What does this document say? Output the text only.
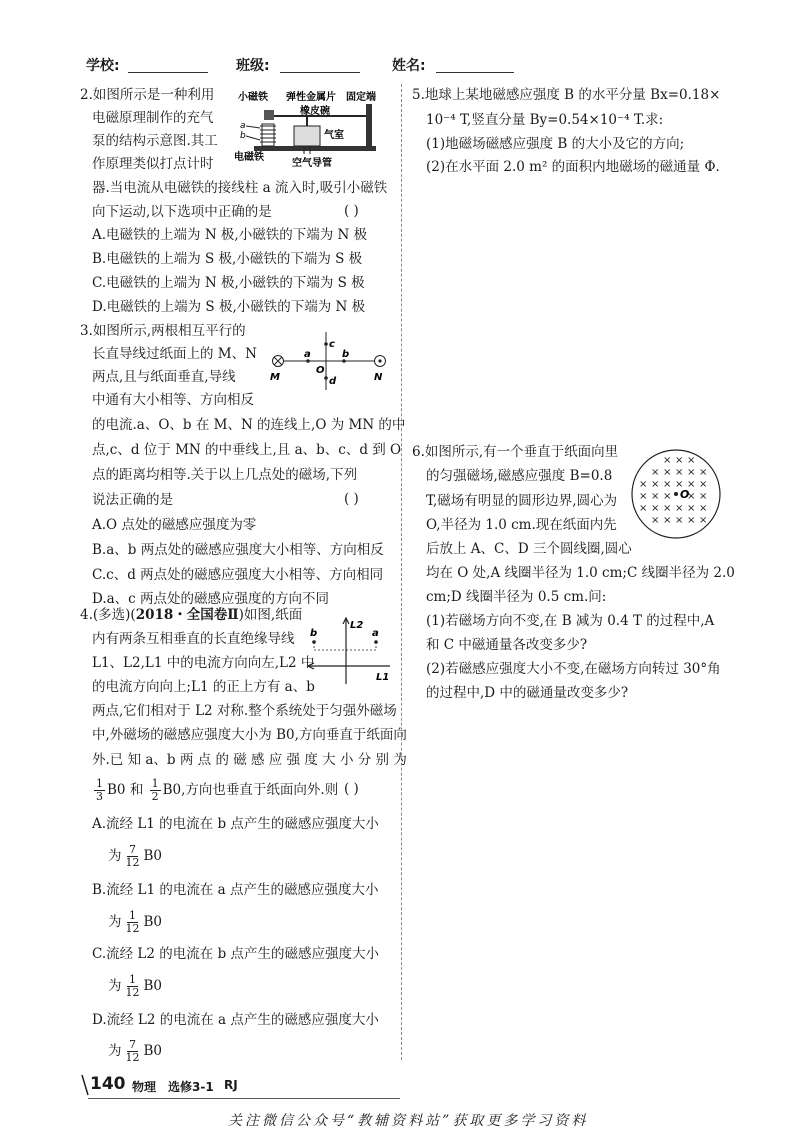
学校:	班级:	姓名:
2.如图所示是一种利用
电磁原理制作的充气
泵的结构示意图.其工
作原理类似打点计时
器.当电流从电磁铁的接线柱 a 流入时,吸引小磁铁
向下运动,以下选项中正确的是	( )
A.电磁铁的上端为 N 极,小磁铁的下端为 N 极
B.电磁铁的上端为 S 极,小磁铁的下端为 S 极
C.电磁铁的上端为 N 极,小磁铁的下端为 S 极
D.电磁铁的上端为 S 极,小磁铁的下端为 N 极
小磁铁 弹性金属片 固定端
橡皮碗
气室
电磁铁
空气导管
a
b
3.如图所示,两根相互平行的
长直导线过纸面上的 M、N
两点,且与纸面垂直,导线
中通有大小相等、方向相反
的电流.a、O、b 在 M、N 的连线上,O 为 MN 的中
点,c、d 位于 MN 的中垂线上,且 a、b、c、d 到 O
点的距离均相等.关于以上几点处的磁场,下列
说法正确的是	( )
A.O 点处的磁感应强度为零
B.a、b 两点处的磁感应强度大小相等、方向相反
C.c、d 两点处的磁感应强度大小相等、方向相同
D.a、c 两点处的磁感应强度的方向不同
M	N
a	b
c
d
O
4.(多选)(2018・全国卷Ⅱ)如图,纸面
内有两条互相垂直的长直绝缘导线
L1、L2,L1 中的电流方向向左,L2 中
的电流方向向上;L1 的正上方有 a、b
两点,它们相对于 L2 对称.整个系统处于匀强外磁场
中,外磁场的磁感应强度大小为 B0,方向垂直于纸面向
外.已 知 a、b 两 点 的 磁 感 应 强 度 大 小 分 别 为
$\frac{1}{3} B0$ 和 $\frac{1}{2} B0$,方向也垂直于纸面向外.则 ( )
A.流经 L1 的电流在 b 点产生的磁感应强度大小
为 $\frac{7}{12} B0$
B.流经 L1 的电流在 a 点产生的磁感应强度大小
为 $\frac{1}{12} B0$
C.流经 L2 的电流在 b 点产生的磁感应强度大小
为 $\frac{1}{12} B0$
D.流经 L2 的电流在 a 点产生的磁感应强度大小
为 $\frac{7}{12} B0$
b	a
L2
L1
5.地球上某地磁感应强度 B 的水平分量 Bx=0.18×
10⁻⁴ T,竖直分量 By=0.54×10⁻⁴ T.求:
(1)地磁场磁感应强度 B 的大小及它的方向;
(2)在水平面 2.0 m² 的面积内地磁场的磁通量 Φ.
6.如图所示,有一个垂直于纸面向里
的匀强磁场,磁感应强度 B=0.8
T,磁场有明显的圆形边界,圆心为
O,半径为 1.0 cm.现在纸面内先
后放上 A、C、D 三个圆线圈,圆心
均在 O 处,A 线圈半径为 1.0 cm;C 线圈半径为 2.0
cm;D 线圈半径为 0.5 cm.问:
(1)若磁场方向不变,在 B 减为 0.4 T 的过程中,A
和 C 中磁通量各改变多少?
(2)若磁感应强度大小不变,在磁场方向转过 30°角
的过程中,D 中的磁通量改变多少?
× × ×
× × × × ×
× × × × × ×
× × × × ×
× × × × × ×
× × × × ×
O
140 物理 选修3-1 RJ
关注微信公众号“教辅资料站”获取更多学习资料
